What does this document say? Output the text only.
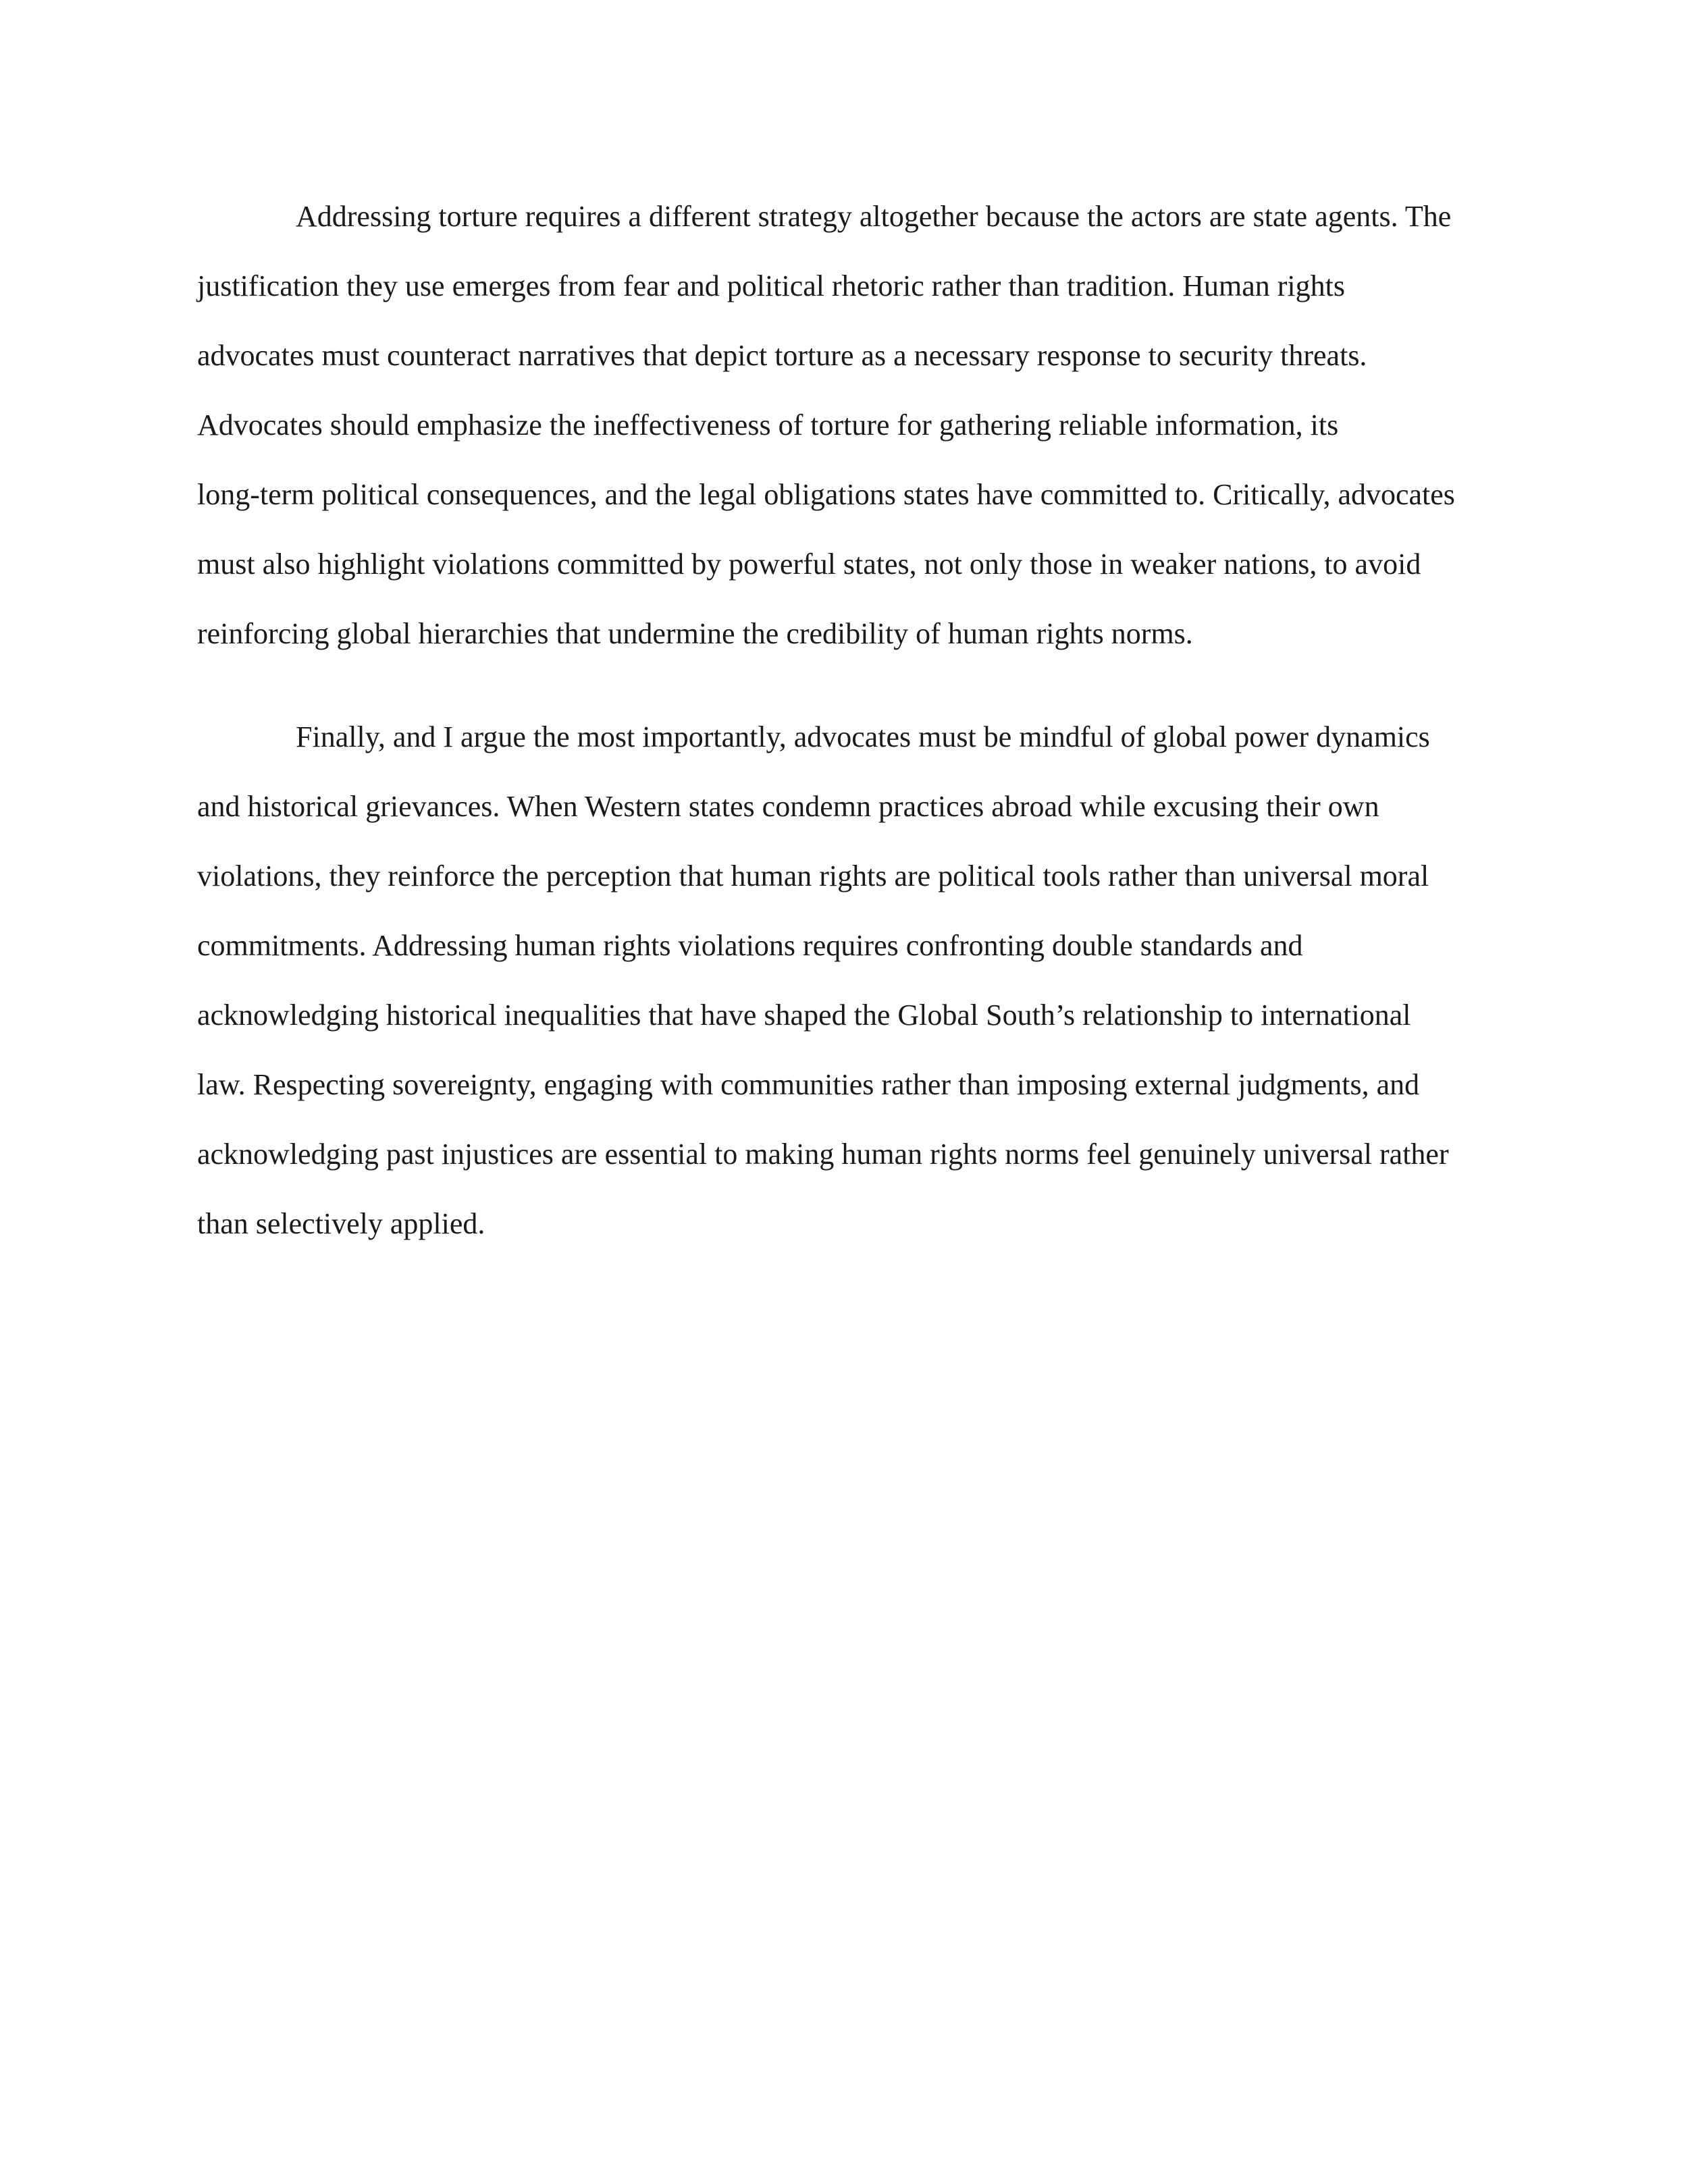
Addressing torture requires a different strategy altogether because the actors are state agents. The
justification they use emerges from fear and political rhetoric rather than tradition. Human rights
advocates must counteract narratives that depict torture as a necessary response to security threats.
Advocates should emphasize the ineffectiveness of torture for gathering reliable information, its
long-term political consequences, and the legal obligations states have committed to. Critically, advocates
must also highlight violations committed by powerful states, not only those in weaker nations, to avoid
reinforcing global hierarchies that undermine the credibility of human rights norms.

Finally, and I argue the most importantly, advocates must be mindful of global power dynamics
and historical grievances. When Western states condemn practices abroad while excusing their own
violations, they reinforce the perception that human rights are political tools rather than universal moral
commitments. Addressing human rights violations requires confronting double standards and
acknowledging historical inequalities that have shaped the Global South’s relationship to international
law. Respecting sovereignty, engaging with communities rather than imposing external judgments, and
acknowledging past injustices are essential to making human rights norms feel genuinely universal rather
than selectively applied.
